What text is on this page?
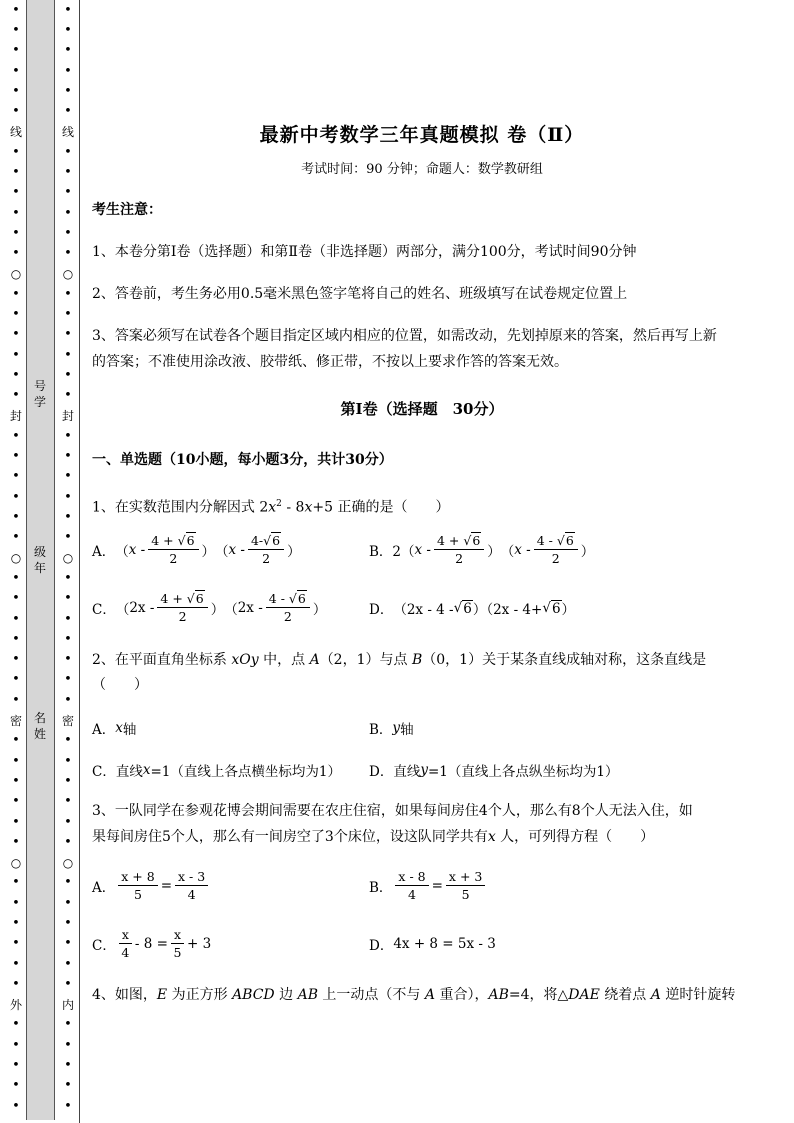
•
•
•
•
•
•
线
•
•
•
•
•
•
○
•
•
•
•
•
•
封
•
•
•
•
•
•
○
•
•
•
•
•
•
•
密
•
•
•
•
•
•
○
•
•
•
•
•
•
外
•
•
•
•
•
•
•
•
•
•
•
线
•
•
•
•
•
•
○
•
•
•
•
•
•
封
•
•
•
•
•
•
○
•
•
•
•
•
•
•
密
•
•
•
•
•
•
○
•
•
•
•
•
•
内
•
•
•
•
•
号
学
级
年
名
姓
最新中考数学三年真题模拟 卷（Ⅱ）
考试时间：90 分钟；命题人：数学教研组
考生注意：
1、本卷分第Ⅰ卷（选择题）和第Ⅱ卷（非选择题）两部分，满分100分，考试时间90分钟
2、答卷前，考生务必用0.5毫米黑色签字笔将自己的姓名、班级填写在试卷规定位置上
3、答案必须写在试卷各个题目指定区域内相应的位置，如需改动，先划掉原来的答案，然后再写上新
的答案；不准使用涂改液、胶带纸、修正带，不按以上要求作答的答案无效。
第Ⅰ卷（选择题　30分）
一、单选题（10小题，每小题3分，共计30分）
1、在实数范围内分解因式 $2x^2 - 8x+5$ 正确的是（　　）
A． （ x - $\frac{4 + √6}{2}$ ） （ x - $\frac{4-√6}{2}$ ）	B．2 （ x - $\frac{4 + √6}{2}$ ） （ x - $\frac{4 - √6}{2}$ ）
C． （ $2x - \frac{4 + √6}{2}$ ） （ $2x - \frac{4 - √6}{2}$ ）	D． （2x - 4 - √ 6 ）（2x - 4+ √ 6 ）
2、在平面直角坐标系 xOy 中，点 A（2，1）与点 B（0，1）关于某条直线成轴对称，这条直线是
（　　）
A． x 轴	B． y 轴
C．直线 x =1（直线上各点横坐标均为1） D．直线 y =1（直线上各点纵坐标均为1）
3、一队同学在参观花博会期间需要在农庄住宿，如果每间房住4个人，那么有8个人无法入住，如
果每间房住5个人，那么有一间房空了3个床位，设这队同学共有x 人，可列得方程（　　）
A． $\frac{x + 8}{5} = \frac{x - 3}{4}$	B． $\frac{x - 8}{4} = \frac{x + 3}{5}$
C． $\frac{x}{4} - 8 = \frac{x}{5} + 3$	D． 4x + 8 = 5x - 3
4、如图，E 为正方形 ABCD 边 AB 上一动点（不与 A 重合），AB=4，将△DAE 绕着点 A 逆时针旋转
